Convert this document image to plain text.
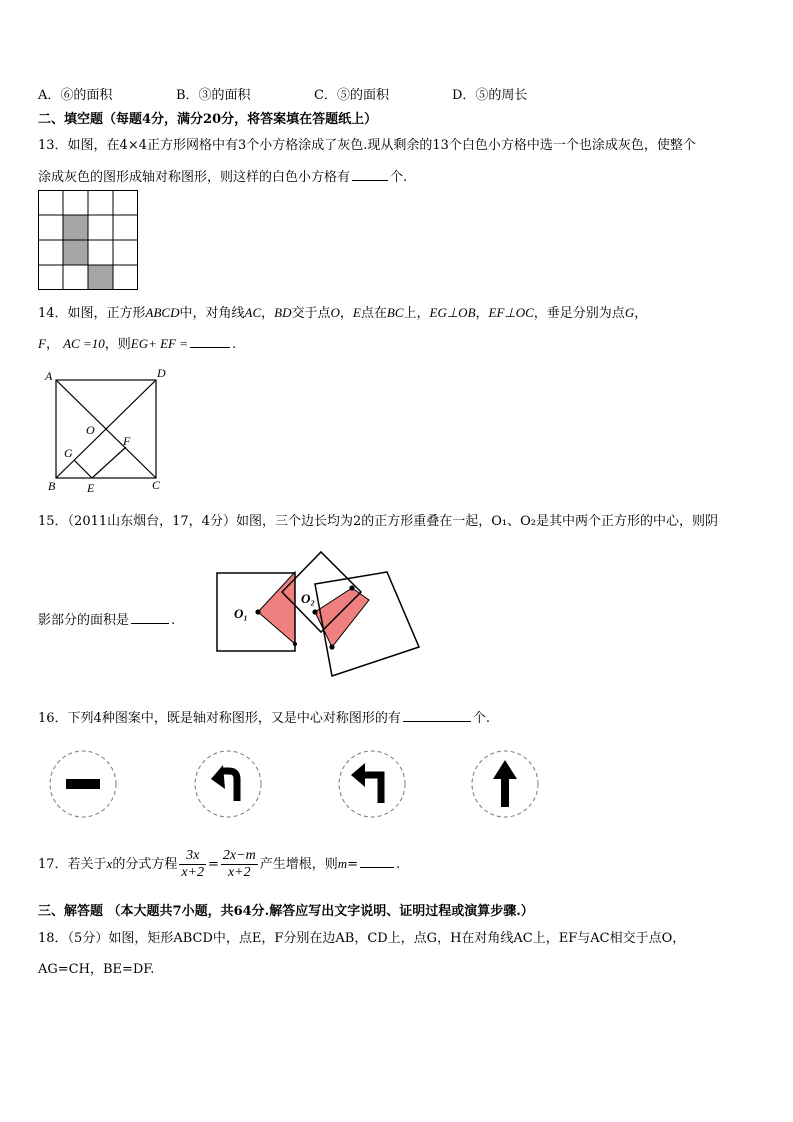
A．⑥的面积	B．③的面积	C．⑤的面积	D．⑤的周长
二、填空题（每题4分，满分20分，将答案填在答题纸上）
13．如图，在4×4正方形网格中有3个小方格涂成了灰色.现从剩余的13个白色小方格中选一个也涂成灰色，使整个
涂成灰色的图形成轴对称图形，则这样的白色小方格有	个.
14．如图，正方形ABCD中，对角线AC，BD交于点O，E点在BC上，EG⊥OB，EF⊥OC，垂足分别为点G，
F， AC =10，则EG+ EF =	.
A	D
O
F
G
B	E	C
15．（2011山东烟台，17，4分）如图，三个边长均为2的正方形重叠在一起，O₁、O₂是其中两个正方形的中心，则阴
影部分的面积是	.	O₁
O₂
16．下列4种图案中，既是轴对称图形，又是中心对称图形的有	个.
17．若关于x的分式方程 $\frac{3x}{x+2} = \frac{2x-m}{x+2}$ 产生增根，则m=	.
三、解答题 （本大题共7小题，共64分.解答应写出文字说明、证明过程或演算步骤.）
18．（5分）如图，矩形ABCD中，点E，F分别在边AB，CD上，点G，H在对角线AC上，EF与AC相交于点O，
AG=CH，BE=DF.
